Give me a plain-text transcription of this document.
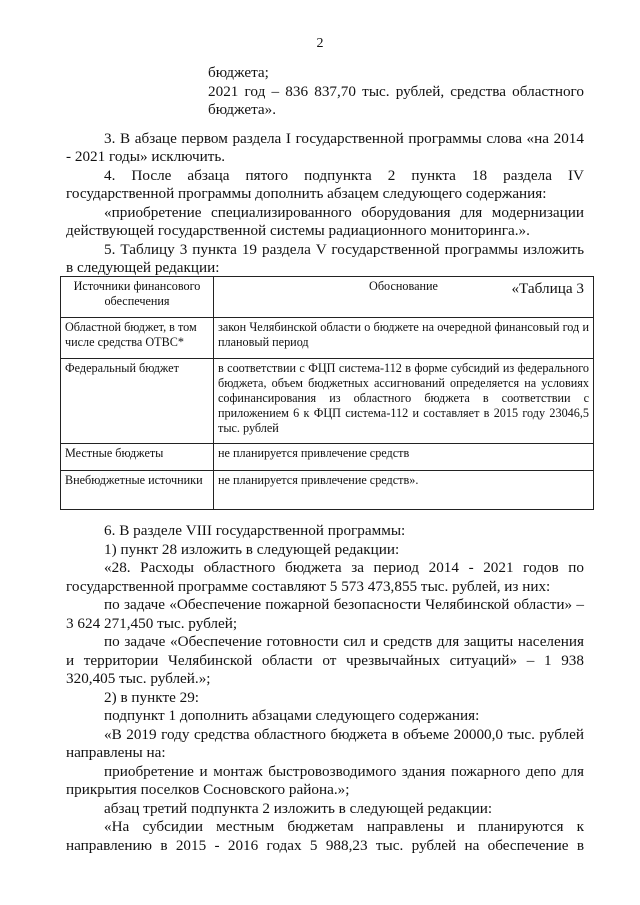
2

бюджета;

2021 год – 836 837,70 тыс. рублей, средства областного бюджета».

3. В абзаце первом раздела I государственной программы слова «на 2014 - 2021 годы» исключить.

4. После абзаца пятого подпункта 2 пункта 18 раздела IV государственной программы дополнить абзацем следующего содержания:

«приобретение специализированного оборудования для модернизации действующей государственной системы радиационного мониторинга.».

5. Таблицу 3 пункта 19 раздела V государственной программы изложить в следующей редакции:

«Таблица 3

Источники финансового обеспечения	Обоснование
Областной бюджет, в том числе средства ОТВС*	закон Челябинской области о бюджете на очередной финансовый год и плановый период
Федеральный бюджет	в соответствии с ФЦП система-112 в форме субсидий из федерального бюджета, объем бюджетных ассигнований определяется на условиях софинансирования из областного бюджета в соответствии с приложением 6 к ФЦП система-112 и составляет в 2015 году 23046,5 тыс. рублей
Местные бюджеты	не планируется привлечение средств
Внебюджетные источники	не планируется привлечение средств».

6. В разделе VIII государственной программы:

1) пункт 28 изложить в следующей редакции:

«28. Расходы областного бюджета за период 2014 - 2021 годов по государственной программе составляют 5 573 473,855 тыс. рублей, из них:

по задаче «Обеспечение пожарной безопасности Челябинской области» – 3 624 271,450 тыс. рублей;

по задаче «Обеспечение готовности сил и средств для защиты населения и территории Челябинской области от чрезвычайных ситуаций» – 1 938 320,405 тыс. рублей.»;

2) в пункте 29:

подпункт 1 дополнить абзацами следующего содержания:

«В 2019 году средства областного бюджета в объеме 20000,0 тыс. рублей направлены на:

приобретение и монтаж быстровозводимого здания пожарного депо для прикрытия поселков Сосновского района.»;

абзац третий подпункта 2 изложить в следующей редакции:

«На субсидии местным бюджетам направлены и планируются к направлению в 2015 - 2016 годах 5 988,23 тыс. рублей на обеспечение в
